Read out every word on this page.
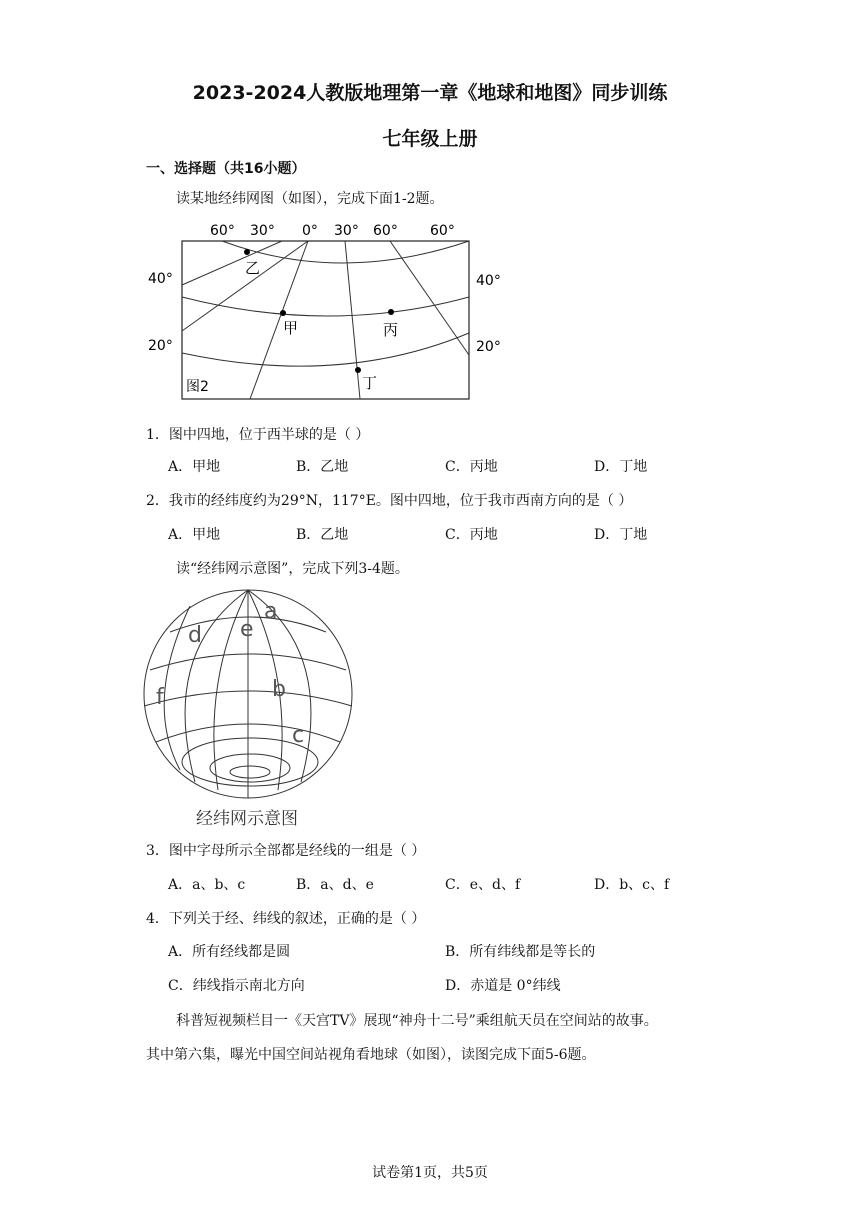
2023-2024人教版地理第一章《地球和地图》同步训练
七年级上册
一、选择题（共16小题）
读某地经纬网图（如图），完成下面1-2题。
60° 30° 0° 30° 60° 60°
40°
20°
40°
20°
乙
甲	丙
丁
图2
1．图中四地，位于西半球的是（ ）
A．甲地	B．乙地	C．丙地	D．丁地
2．我市的经纬度约为29°N，117°E。图中四地，位于我市西南方向的是（ ）
A．甲地	B．乙地	C．丙地	D．丁地
读“经纬网示意图”，完成下列3-4题。
a
d e
b
f
c
经纬网示意图
3．图中字母所示全部都是经线的一组是（ ）
A．a、b、c	B．a、d、e	C．e、d、f	D．b、c、f
4．下列关于经、纬线的叙述，正确的是（ ）
A．所有经线都是圆	B．所有纬线都是等长的
C．纬线指示南北方向	D．赤道是 0°纬线
科普短视频栏目一《天宫TV》展现“神舟十二号”乘组航天员在空间站的故事。
其中第六集，曝光中国空间站视角看地球（如图），读图完成下面5-6题。
试卷第1页，共5页
